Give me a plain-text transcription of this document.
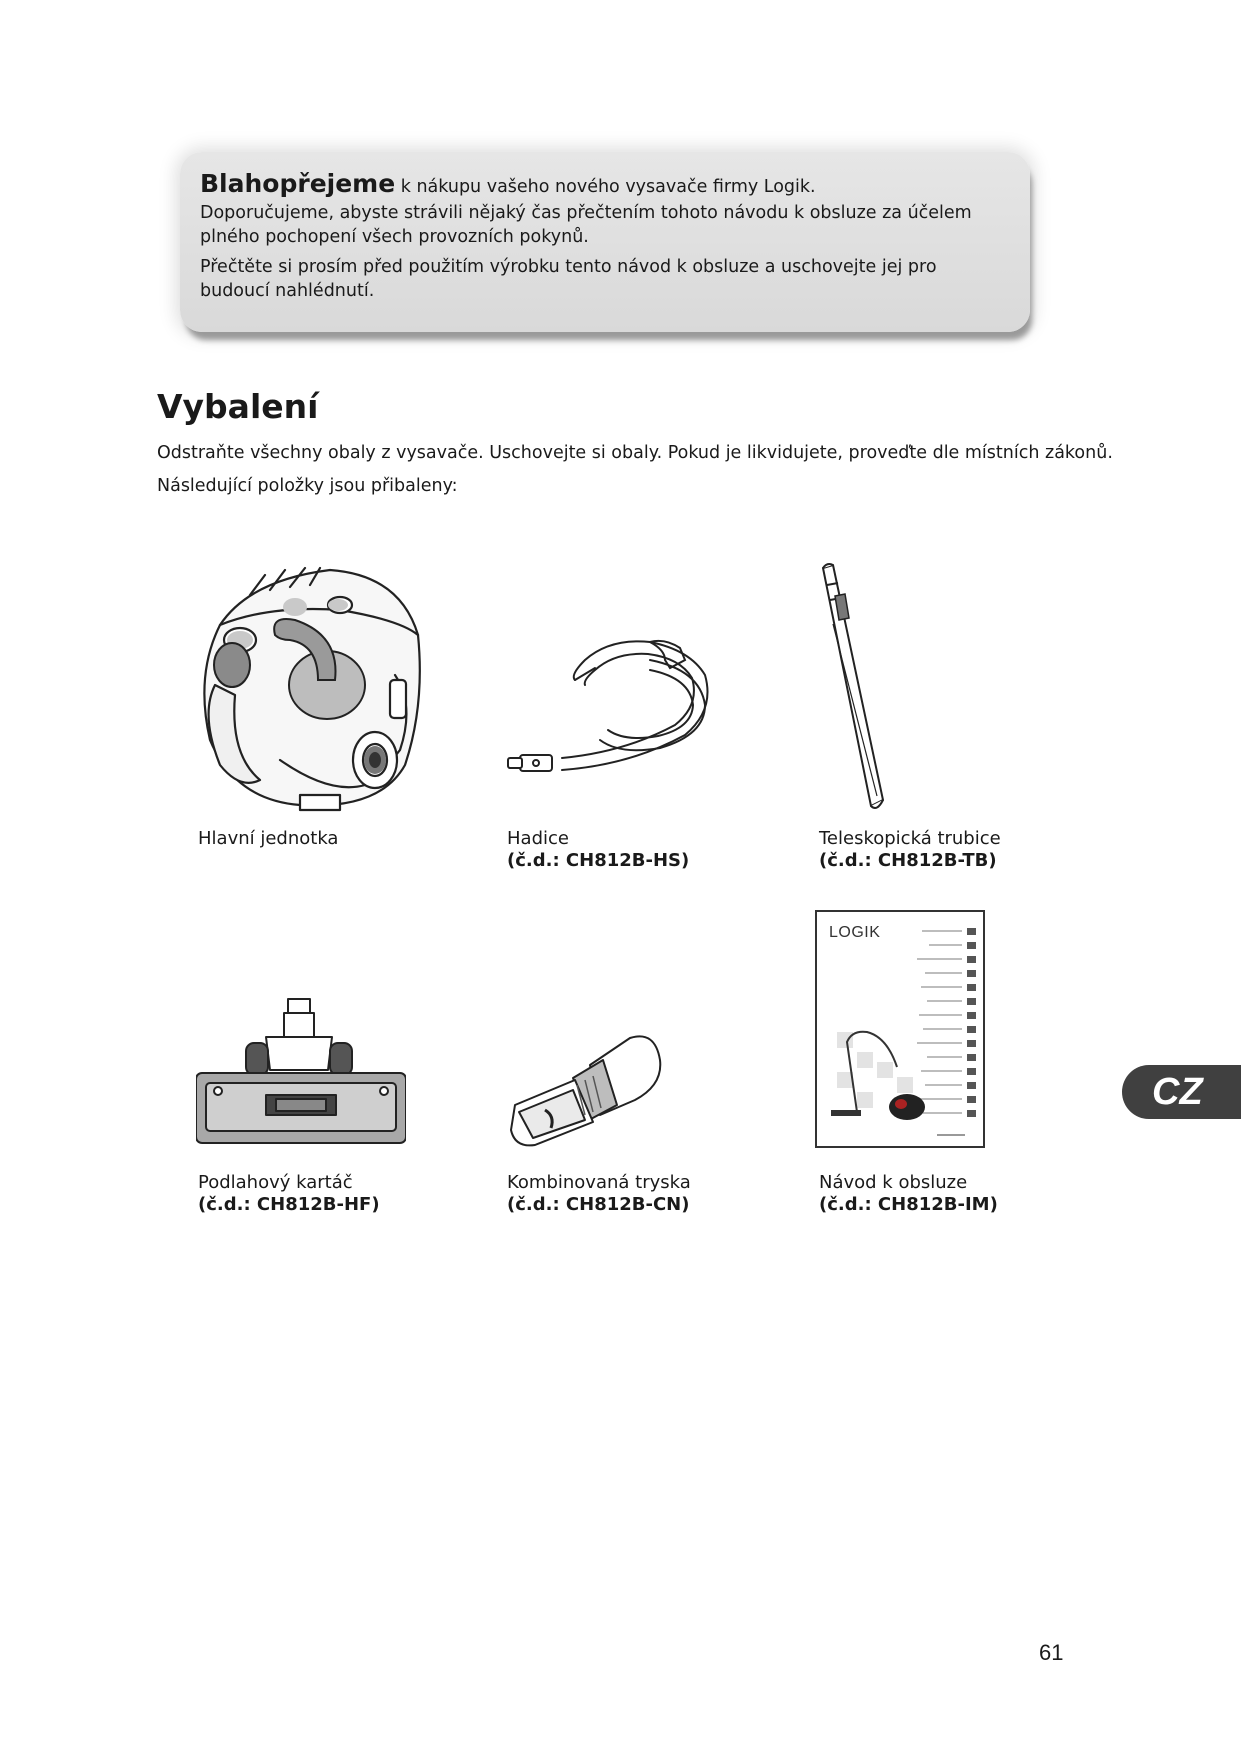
Blahopřejeme k nákupu vašeho nového vysavače firmy Logik.

Doporučujeme, abyste strávili nějaký čas přečtením tohoto návodu k obsluze za účelem plného pochopení všech provozních pokynů.

Přečtěte si prosím před použitím výrobku tento návod k obsluze a uschovejte jej pro budoucí nahlédnutí.

Vybalení

Odstraňte všechny obaly z vysavače. Uschovejte si obaly. Pokud je likvidujete, proveďte dle místních zákonů.

Následující položky jsou přibaleny:

Hlavní jednotka	Hadice
(č.d.: CH812B-HS)

Teleskopická trubice
(č.d.: CH812B-TB)

LOGIK

Podlahový kartáč
(č.d.: CH812B-HF)

Kombinovaná tryska
(č.d.: CH812B-CN)

Návod k obsluze
(č.d.: CH812B-IM)

CZ
61
